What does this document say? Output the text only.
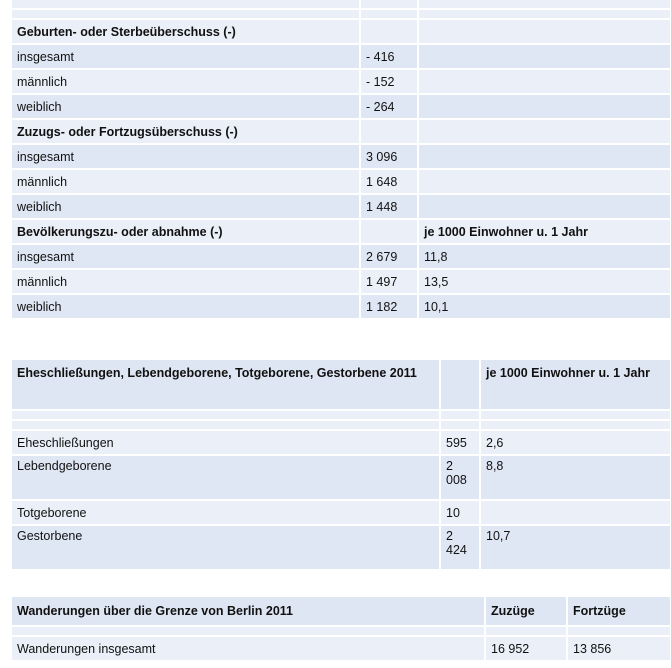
Geburten- oder Sterbeüberschuss (-)		
insgesamt	- 416	
männlich	- 152	
weiblich	- 264	
Zuzugs- oder Fortzugsüberschuss (-)		
insgesamt	3 096	
männlich	1 648	
weiblich	1 448	
Bevölkerungszu- oder abnahme (-)		je 1000 Einwohner u. 1 Jahr
insgesamt	2 679	11,8
männlich	1 497	13,5
weiblich	1 182	10,1
Eheschließungen, Lebendgeborene, Totgeborene, Gestorbene 2011		je 1000 Einwohner u. 1 Jahr

Eheschließungen	595	2,6
Lebendgeborene	2 008	8,8
Totgeborene	10	
Gestorbene	2 424	10,7
Wanderungen über die Grenze von Berlin 2011	Zuzüge	Fortzüge

Wanderungen insgesamt	16 952	13 856
